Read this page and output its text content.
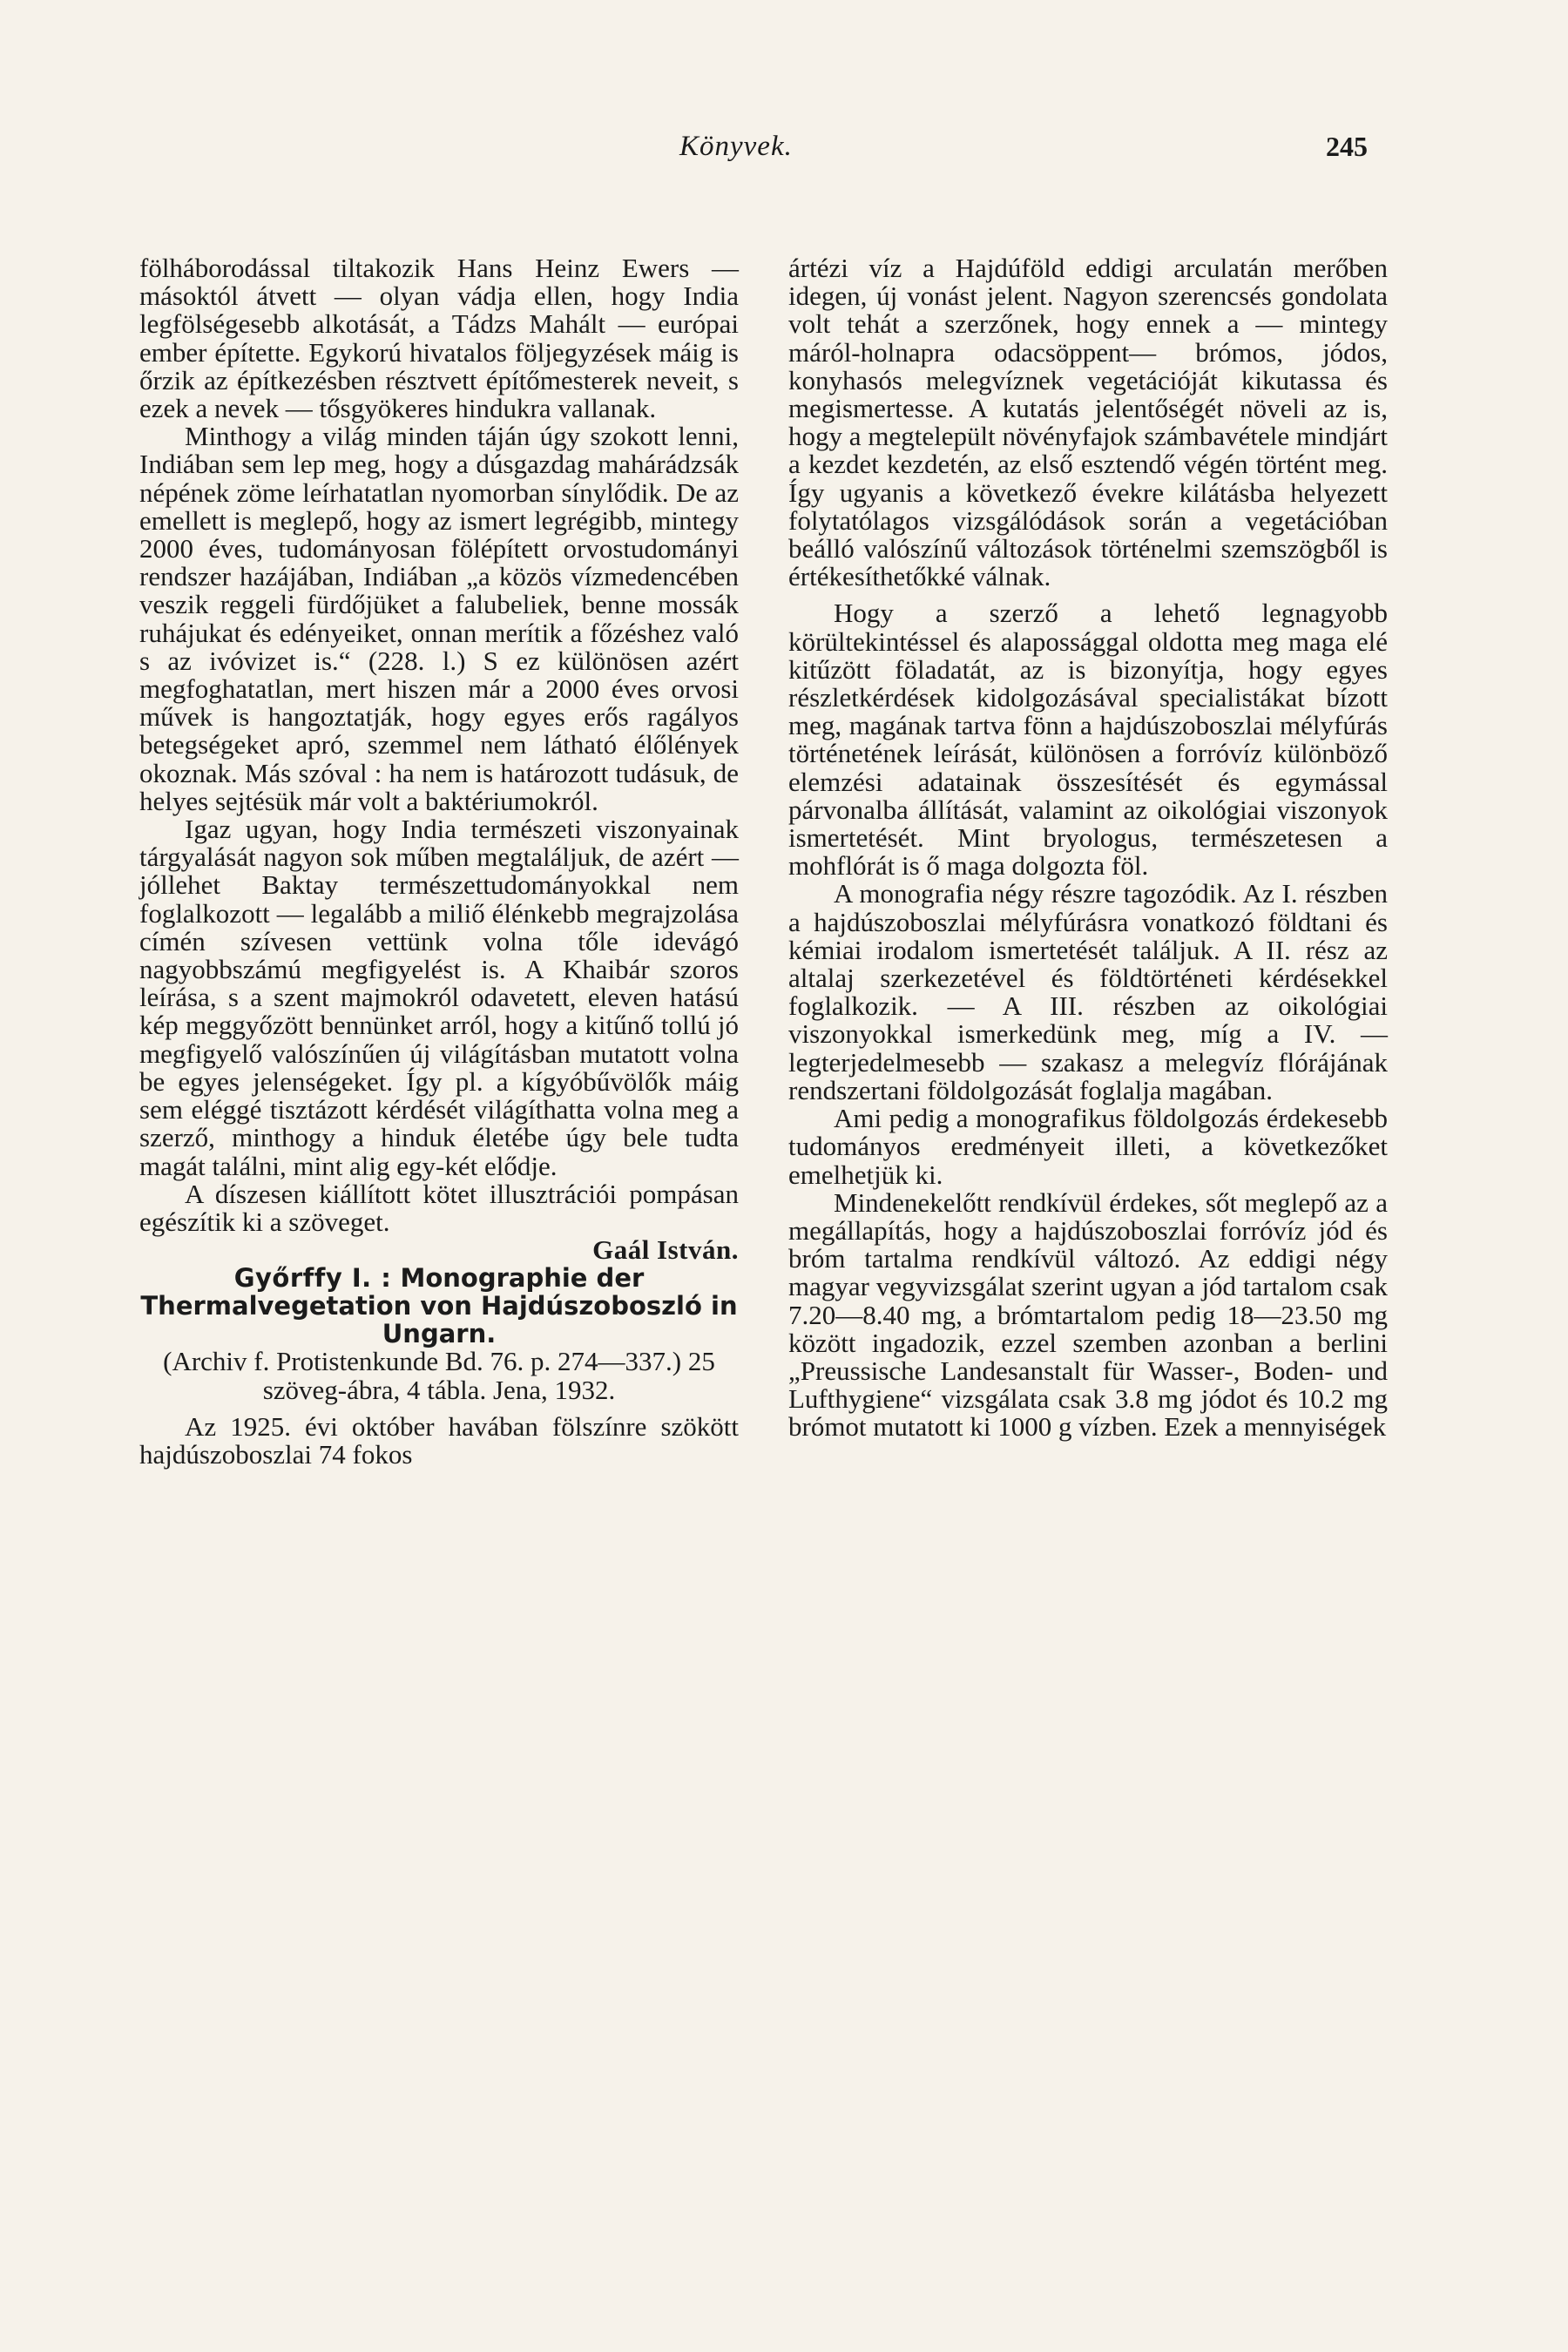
Könyvek.	245

fölháborodással tiltakozik Hans Heinz Ewers — másoktól átvett — olyan vádja ellen, hogy India legfölségesebb alkotását, a Tádzs Mahált — európai ember építette. Egykorú hivatalos följegyzések máig is őrzik az építkezésben résztvett építőmesterek neveit, s ezek a nevek — tősgyökeres hindukra vallanak.

Minthogy a világ minden táján úgy szokott lenni, Indiában sem lep meg, hogy a dúsgazdag mahárádzsák népének zöme leírhatatlan nyomorban sínylődik. De az emellett is meglepő, hogy az ismert legrégibb, mintegy 2000 éves, tudományosan fölépített orvostudományi rendszer hazájában, Indiában „a közös vízmedencében veszik reggeli fürdőjüket a falubeliek, benne mossák ruhájukat és edényeiket, onnan merítik a főzéshez való s az ivóvizet is.“ (228. l.) S ez különösen azért megfoghatatlan, mert hiszen már a 2000 éves orvosi művek is hangoztatják, hogy egyes erős ragályos betegségeket apró, szemmel nem látható élőlények okoznak. Más szóval : ha nem is határozott tudásuk, de helyes sejtésük már volt a baktériumokról.

Igaz ugyan, hogy India természeti viszonyainak tárgyalását nagyon sok műben megtaláljuk, de azért — jóllehet Baktay természettudományokkal nem foglalkozott — legalább a miliő élénkebb megrajzolása címén szívesen vettünk volna tőle idevágó nagyobbszámú megfigyelést is. A Khaibár szoros leírása, s a szent majmokról odavetett, eleven hatású kép meggyőzött bennünket arról, hogy a kitűnő tollú jó megfigyelő valószínűen új világításban mutatott volna be egyes jelenségeket. Így pl. a kígyóbűvölők máig sem eléggé tisztázott kérdését világíthatta volna meg a szerző, minthogy a hinduk életébe úgy bele tudta magát találni, mint alig egy-két elődje.

A díszesen kiállított kötet illusztrációi pompásan egészítik ki a szöveget.

Gaál István.

Győrffy I. : Monographie der Thermalvegetation von Hajdúszoboszló in Ungarn.

(Archiv f. Protistenkunde Bd. 76. p. 274—337.) 25 szöveg-ábra, 4 tábla. Jena, 1932.

Az 1925. évi október havában fölszínre szökött hajdúszoboszlai 74 fokos

ártézi víz a Hajdúföld eddigi arculatán merőben idegen, új vonást jelent. Nagyon szerencsés gondolata volt tehát a szerzőnek, hogy ennek a — mintegy máról-holnapra odacsöppent— brómos, jódos, konyhasós melegvíznek vegetációját kikutassa és megismertesse. A kutatás jelentőségét növeli az is, hogy a megtelepült növényfajok számbavétele mindjárt a kezdet kezdetén, az első esztendő végén történt meg. Így ugyanis a következő évekre kilátásba helyezett folytatólagos vizsgálódások során a vegetációban beálló valószínű változások történelmi szemszögből is értékesíthetőkké válnak.

Hogy a szerző a lehető legnagyobb körültekintéssel és alapossággal oldotta meg maga elé kitűzött föladatát, az is bizonyítja, hogy egyes részletkérdések kidolgozásával specialistákat bízott meg, magának tartva fönn a hajdúszoboszlai mélyfúrás történetének leírását, különösen a forróvíz különböző elemzési adatainak összesítését és egymással párvonalba állítását, valamint az oikológiai viszonyok ismertetését. Mint bryologus, természetesen a mohflórát is ő maga dolgozta föl.

A monografia négy részre tagozódik. Az I. részben a hajdúszoboszlai mélyfúrásra vonatkozó földtani és kémiai irodalom ismertetését találjuk. A II. rész az altalaj szerkezetével és földtörténeti kérdésekkel foglalkozik. — A III. részben az oikológiai viszonyokkal ismerkedünk meg, míg a IV. — legterjedelmesebb — szakasz a melegvíz flórájának rendszertani földolgozását foglalja magában.

Ami pedig a monografikus földolgozás érdekesebb tudományos eredményeit illeti, a következőket emelhetjük ki.

Mindenekelőtt rendkívül érdekes, sőt meglepő az a megállapítás, hogy a hajdúszoboszlai forróvíz jód és bróm tartalma rendkívül változó. Az eddigi négy magyar vegyvizsgálat szerint ugyan a jód tartalom csak 7.20—8.40 mg, a brómtartalom pedig 18—23.50 mg között ingadozik, ezzel szemben azonban a berlini „Preussische Landesanstalt für Wasser-, Boden- und Lufthygiene“ vizsgálata csak 3.8 mg jódot és 10.2 mg brómot mutatott ki 1000 g vízben. Ezek a mennyiségek
